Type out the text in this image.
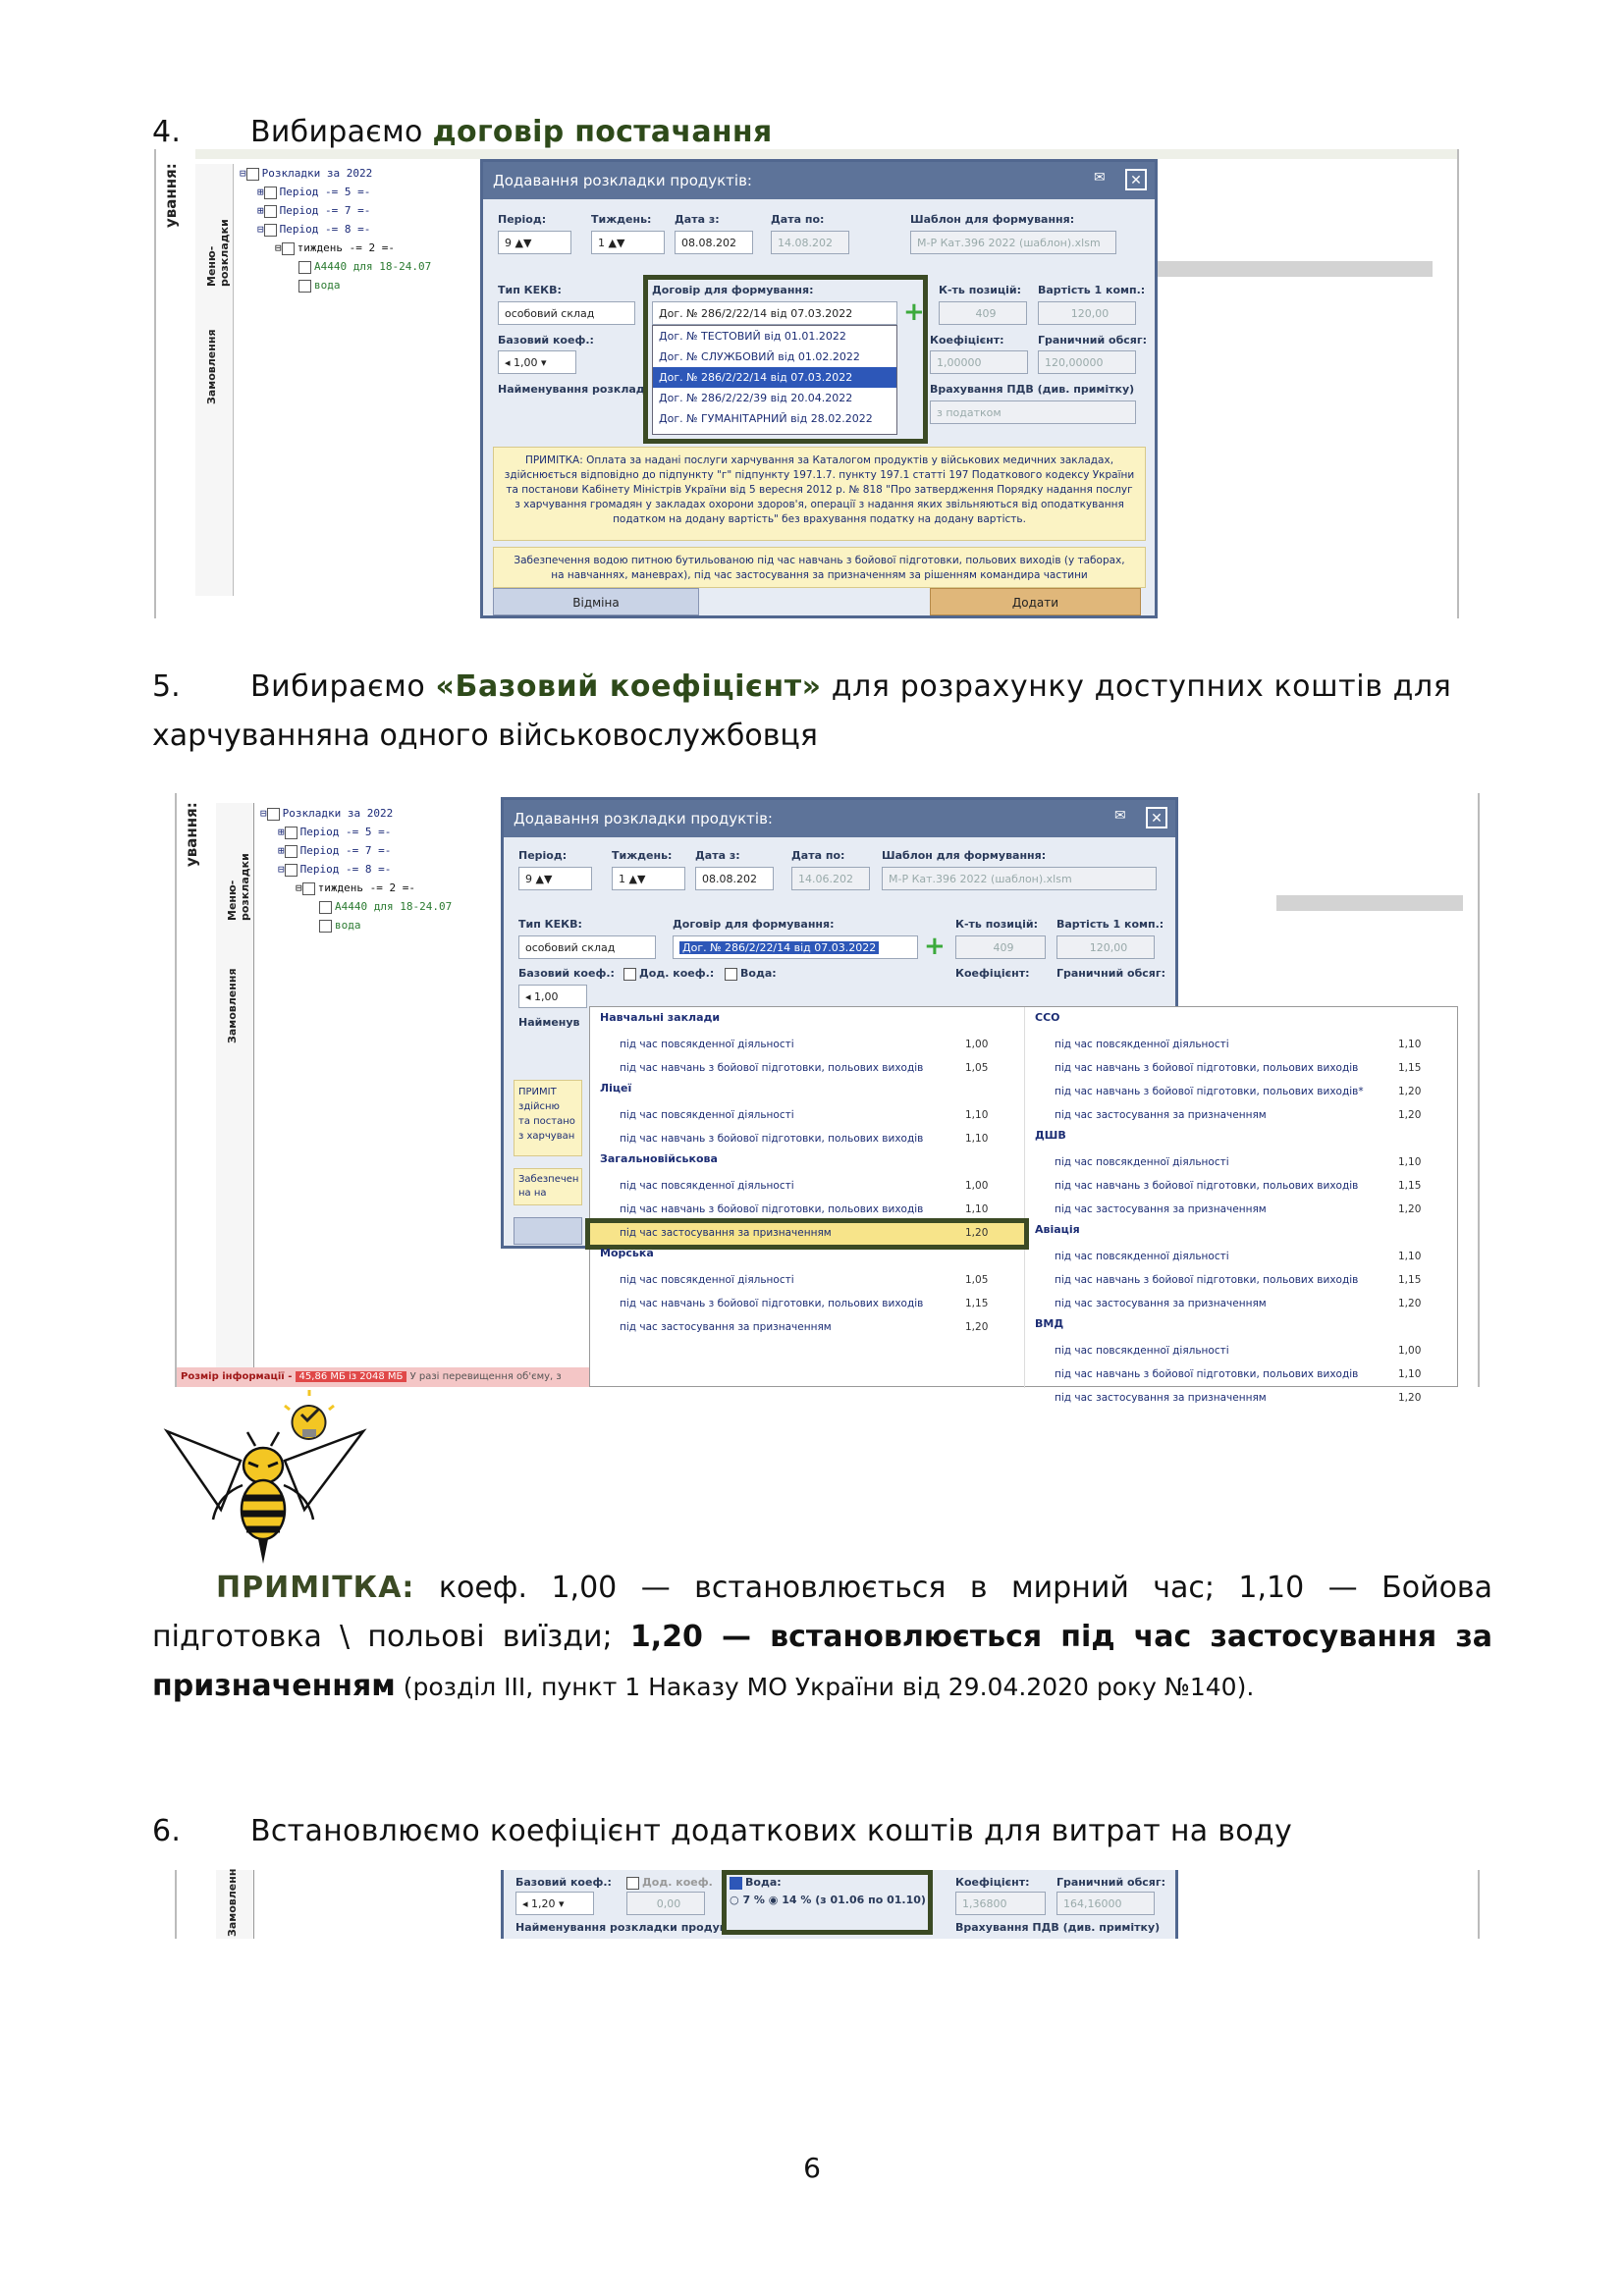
4. Вибираємо договір постачання
ування:
Меню-розкладки
Замовлення
⊟ Розкладки за 2022
⊞ Період -= 5 =-
⊞ Період -= 7 =-
⊟ Період -= 8 =-
⊟ тиждень -= 2 =-
А4440 для 18-24.07
вода
Додавання розкладки продуктів:	✉	✕
Період:	Тиждень: Дата з:	Дата по:	Шаблон для формування:
9 ▲▼	1 ▲▼	08.08.202	14.08.202	М-Р Кат.396 2022 (шаблон).xlsm
Тип КЕКВ:	Договір для формування:	К-ть позицій: Вартість 1 комп.:
особовий склад	Дог. № 286/2/22/14 від 07.03.2022	+	409	120,00
Базовий коеф.:	Коефіцієнт:	Граничний обсяг:
◂ 1,00 ▾	1,00000	120,00000
Найменування розклад	Врахування ПДВ (див. примітку)
з податком
Дог. № ТЕСТОВИЙ від 01.01.2022
Дог. № СЛУЖБОВИЙ від 01.02.2022
Дог. № 286/2/22/14 від 07.03.2022
Дог. № 286/2/22/39 від 20.04.2022
Дог. № ГУМАНІТАРНИЙ від 28.02.2022
ПРИМІТКА: Оплата за надані послуги харчування за Каталогом продуктів у військових медичних закладах,
здійснюється відповідно до підпункту "г" підпункту 197.1.7. пункту 197.1 статті 197 Податкового кодексу України
та постанови Кабінету Міністрів України від 5 вересня 2012 р. № 818 "Про затвердження Порядку надання послуг
з харчування громадян у закладах охорони здоров'я, операції з надання яких звільняються від оподаткування
податком на додану вартість" без врахування податку на додану вартість.
Забезпечення водою питною бутильованою під час навчань з бойової підготовки, польових виходів (у таборах,
на навчаннях, маневрах), під час застосування за призначенням за рішенням командира частини
Відміна	Додати
5. Вибираємо «Базовий коефіцієнт» для розрахунку доступних коштів для
харчуванняна одного військовослужбовця
ування:
Меню-розкладки
Замовлення
⊟ Розкладки за 2022
⊞ Період -= 5 =-
⊞ Період -= 7 =-
⊟ Період -= 8 =-
⊟ тиждень -= 2 =-
А4440 для 18-24.07
вода
Розмір інформації - 45,86 МБ із 2048 МБ У разі перевищення об'єму, з
Додавання розкладки продуктів:	✉	✕
Період:	Тиждень: Дата з:	Дата по:	Шаблон для формування:
9 ▲▼	1 ▲▼	08.08.202	14.06.202	М-Р Кат.396 2022 (шаблон).xlsm
Тип КЕКВ:	Договір для формування:	К-ть позицій: Вартість 1 комп.:
особовий склад	Дог. № 286/2/22/14 від 07.03.2022	+	409	120,00
Базовий коеф.:	Дод. коеф.:	Вода:	Коефіцієнт: Граничний обсяг:
◂ 1,00
Найменув
ПРИМІТ
здійсню
та постано
з харчуван
Забезпечен
на на
Навчальні заклади
під час повсякденної діяльності	1,00
під час навчань з бойової підготовки, польових виходів	1,05
Ліцеї
під час повсякденної діяльності	1,10
під час навчань з бойової підготовки, польових виходів	1,10
Загальновійськова
під час повсякденної діяльності	1,00
під час навчань з бойової підготовки, польових виходів	1,10
під час застосування за призначенням	1,20
Морська
під час повсякденної діяльності	1,05
під час навчань з бойової підготовки, польових виходів	1,15
під час застосування за призначенням	1,20
ССО
під час повсякденної діяльності	1,10
під час навчань з бойової підготовки, польових виходів	1,15
під час навчань з бойової підготовки, польових виходів*	1,20
під час застосування за призначенням	1,20
ДШВ
під час повсякденної діяльності	1,10
під час навчань з бойової підготовки, польових виходів	1,15
під час застосування за призначенням	1,20
Авіація
під час повсякденної діяльності	1,10
під час навчань з бойової підготовки, польових виходів	1,15
під час застосування за призначенням	1,20
ВМД
під час повсякденної діяльності	1,00
під час навчань з бойової підготовки, польових виходів	1,10
під час застосування за призначенням	1,20
ПРИМІТКА: коеф. 1,00 — встановлюється в мирний час; 1,10 — Бойова
підготовка \ польові виїзди; 1,20 — встановлюється під час застосування за
призначенням (розділ ІІІ, пункт 1 Наказу МО України від 29.04.2020 року №140).
6. Встановлюємо коефіцієнт додаткових коштів для витрат на воду
Замовленн	Базовий коеф.:	Дод. коеф.	Вода:	Коефіцієнт: Граничний обсяг:
◂ 1,20 ▾	0,00	○ 7 % ◉ 14 % (з 01.06 по 01.10)	1,36800	164,16000
Найменування розкладки продук	Врахування ПДВ (див. примітку)
6
